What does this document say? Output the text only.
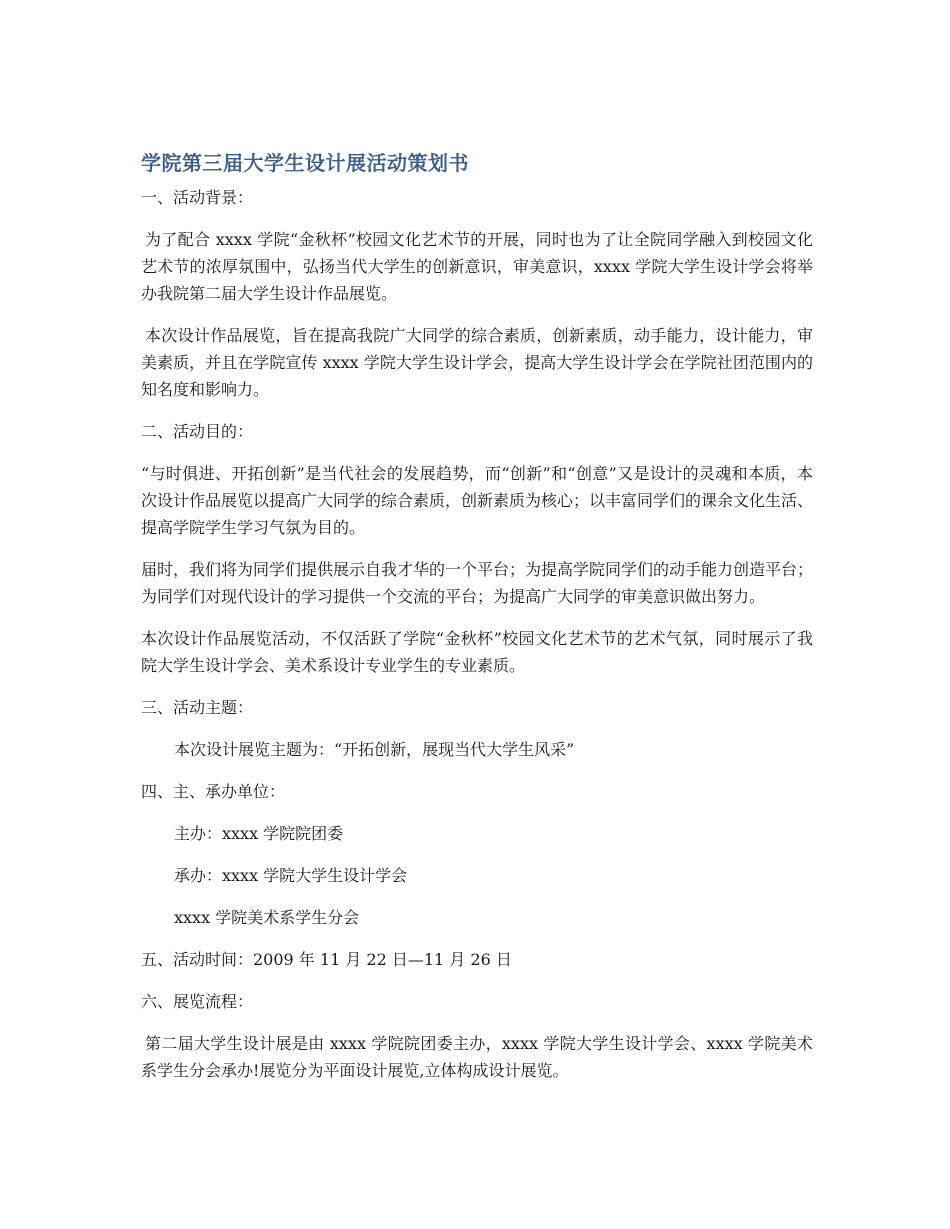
学院第三届大学生设计展活动策划书
一、活动背景：
为了配合 xxxx 学院“金秋杯”校园文化艺术节的开展，同时也为了让全院同学融入到校园文化艺术节的浓厚氛围中，弘扬当代大学生的创新意识，审美意识，xxxx 学院大学生设计学会将举办我院第二届大学生设计作品展览。
本次设计作品展览，旨在提高我院广大同学的综合素质，创新素质，动手能力，设计能力，审美素质，并且在学院宣传 xxxx 学院大学生设计学会，提高大学生设计学会在学院社团范围内的知名度和影响力。
二、活动目的：
“与时俱进、开拓创新”是当代社会的发展趋势，而“创新”和“创意”又是设计的灵魂和本质，本次设计作品展览以提高广大同学的综合素质，创新素质为核心；以丰富同学们的课余文化生活、提高学院学生学习气氛为目的。
届时，我们将为同学们提供展示自我才华的一个平台；为提高学院同学们的动手能力创造平台；为同学们对现代设计的学习提供一个交流的平台；为提高广大同学的审美意识做出努力。
本次设计作品展览活动，不仅活跃了学院“金秋杯”校园文化艺术节的艺术气氛，同时展示了我院大学生设计学会、美术系设计专业学生的专业素质。
三、活动主题：
本次设计展览主题为：“开拓创新，展现当代大学生风采”
四、主、承办单位：
主办：xxxx 学院院团委
承办：xxxx 学院大学生设计学会
xxxx 学院美术系学生分会
五、活动时间：2009 年 11 月 22 日—11 月 26 日
六、展览流程：
第二届大学生设计展是由 xxxx 学院院团委主办，xxxx 学院大学生设计学会、xxxx 学院美术系学生分会承办!展览分为平面设计展览,立体构成设计展览。
